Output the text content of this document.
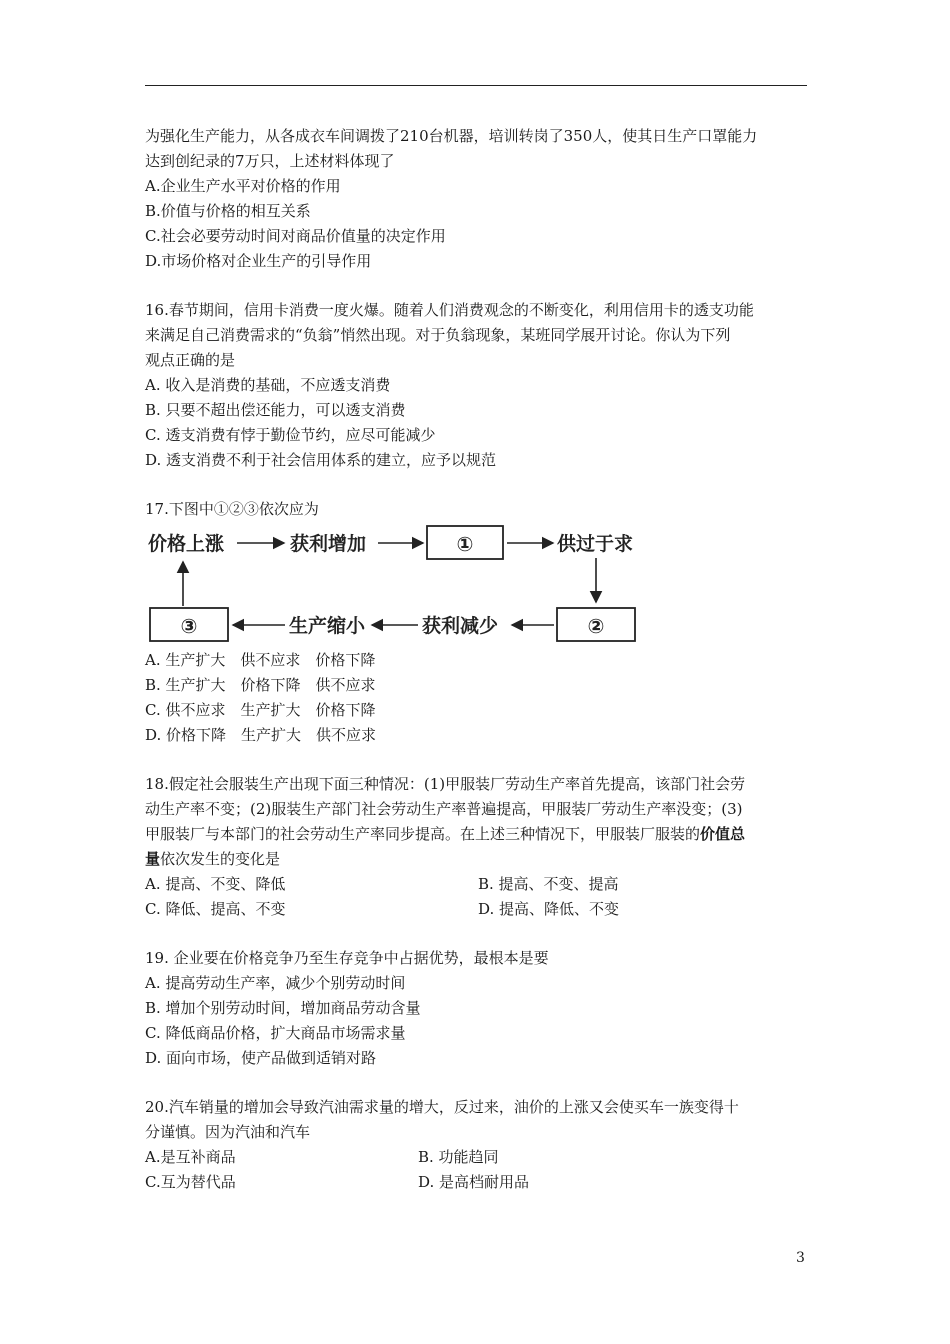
为强化生产能力，从各成衣车间调拨了210台机器，培训转岗了350人，使其日生产口罩能力
达到创纪录的7万只，上述材料体现了
A.企业生产水平对价格的作用
B.价值与价格的相互关系
C.社会必要劳动时间对商品价值量的决定作用
D.市场价格对企业生产的引导作用
16.春节期间，信用卡消费一度火爆。随着人们消费观念的不断变化，利用信用卡的透支功能
来满足自己消费需求的“负翁”悄然出现。对于负翁现象，某班同学展开讨论。你认为下列
观点正确的是
A. 收入是消费的基础，不应透支消费
B. 只要不超出偿还能力，可以透支消费
C. 透支消费有悖于勤俭节约，应尽可能减少
D. 透支消费不利于社会信用体系的建立，应予以规范
17.下图中①②③依次应为
价格上涨	获利增加	①	供过于求
②
获利减少
生产缩小
③
A. 生产扩大　供不应求　价格下降
B. 生产扩大　价格下降　供不应求
C. 供不应求　生产扩大　价格下降
D. 价格下降　生产扩大　供不应求
18.假定社会服装生产出现下面三种情况：(1)甲服装厂劳动生产率首先提高，该部门社会劳
动生产率不变；(2)服装生产部门社会劳动生产率普遍提高，甲服装厂劳动生产率没变；(3)
甲服装厂与本部门的社会劳动生产率同步提高。在上述三种情况下，甲服装厂服装的价值总
量依次发生的变化是
A. 提高、不变、降低	B. 提高、不变、提高
C. 降低、提高、不变	D. 提高、降低、不变
19. 企业要在价格竞争乃至生存竞争中占据优势，最根本是要
A. 提高劳动生产率，减少个别劳动时间
B. 增加个别劳动时间，增加商品劳动含量
C. 降低商品价格，扩大商品市场需求量
D. 面向市场，使产品做到适销对路
20.汽车销量的增加会导致汽油需求量的增大，反过来，油价的上涨又会使买车一族变得十
分谨慎。因为汽油和汽车
A.是互补商品	B. 功能趋同
C.互为替代品	D. 是高档耐用品
3
